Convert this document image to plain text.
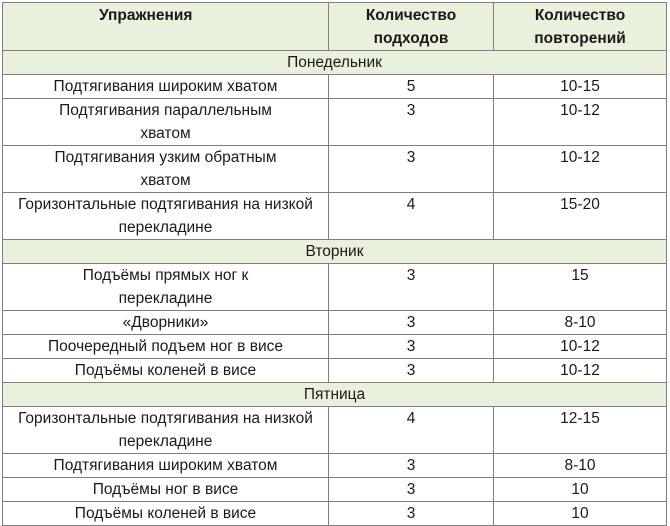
Упражнения	Количество подходов	Количество повторений
Понедельник		
Подтягивания широким хватом	5	10-15
Подтягивания параллельным хватом	3	10-12
Подтягивания узким обратным хватом	3	10-12
Горизонтальные подтягивания на низкой перекладине	4	15-20
Вторник		
Подъёмы прямых ног к перекладине	3	15
«Дворники»	3	8-10
Поочередный подъем ног в висе	3	10-12
Подъёмы коленей в висе	3	10-12
Пятница		
Горизонтальные подтягивания на низкой перекладине	4	12-15
Подтягивания широким хватом	3	8-10
Подъёмы ног в висе	3	10
Подъёмы коленей в висе	3	10
